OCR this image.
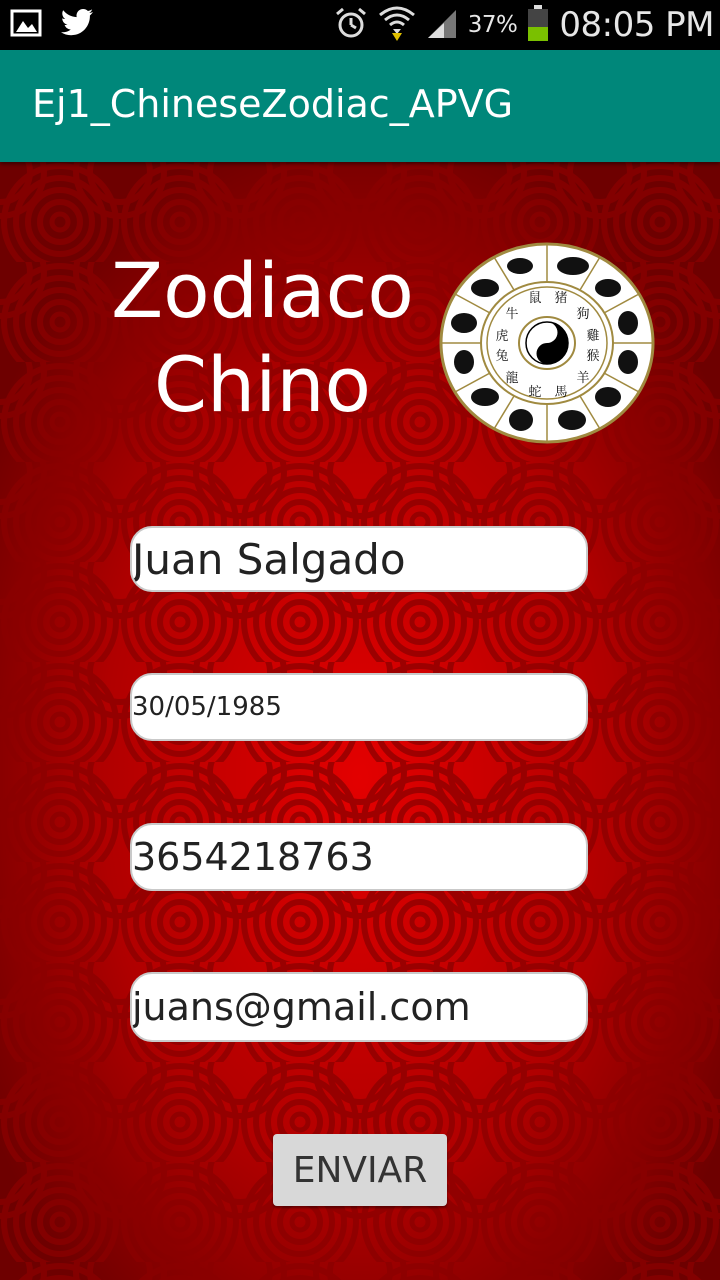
37% 08:05 PM
Ej1_ChineseZodiac_APVG
Zodiaco
Chino
鼠 猪
狗
雞
猴
羊
馬
蛇
龍
兔
虎
牛
Juan Salgado
30/05/1985
3654218763
juans@gmail.com
ENVIAR
